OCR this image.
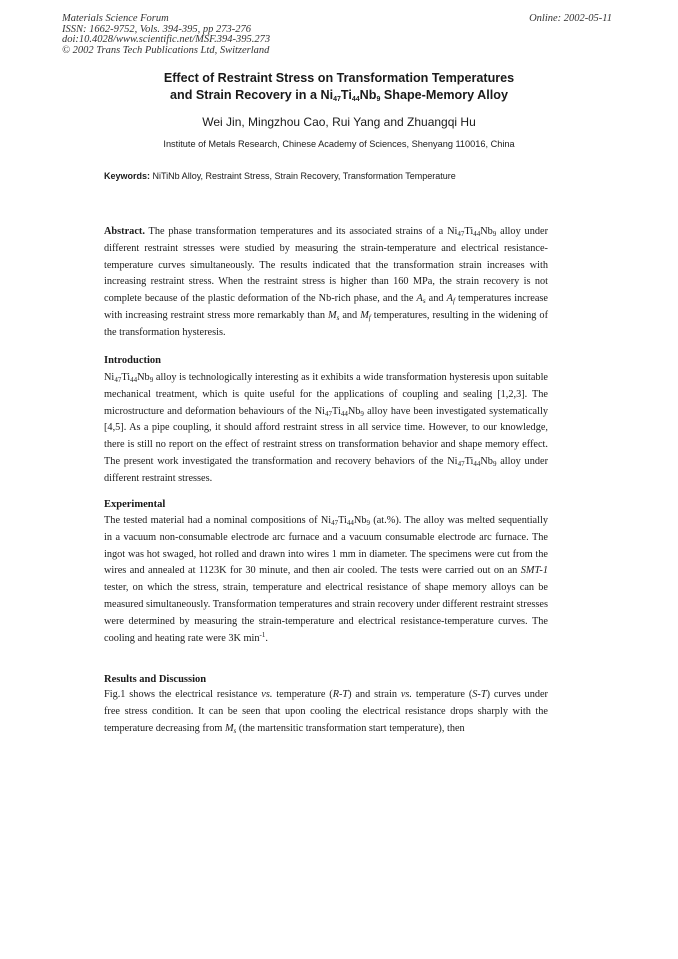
Materials Science Forum
ISSN: 1662-9752, Vols. 394-395, pp 273-276
doi:10.4028/www.scientific.net/MSF.394-395.273
© 2002 Trans Tech Publications Ltd, Switzerland
Online: 2002-05-11
Effect of Restraint Stress on Transformation Temperatures
and Strain Recovery in a $Ni_{47}Ti_{44}Nb_9$ Shape-Memory Alloy
Wei Jin, Mingzhou Cao, Rui Yang and Zhuangqi Hu
Institute of Metals Research, Chinese Academy of Sciences, Shenyang 110016, China
Keywords: NiTiNb Alloy, Restraint Stress, Strain Recovery, Transformation Temperature

Abstract. The phase transformation temperatures and its associated strains of a $Ni_{47}Ti_{44}Nb_9$ alloy under different restraint stresses were studied by measuring the strain-temperature and electrical resistance-temperature curves simultaneously. The results indicated that the transformation strain increases with increasing restraint stress. When the restraint stress is higher than 160 MPa, the strain recovery is not complete because of the plastic deformation of the Nb-rich phase, and the $A_s$ and $A_f$ temperatures increase with increasing restraint stress more remarkably than $M_s$ and $M_f$ temperatures, resulting in the widening of the transformation hysteresis.

Introduction

$Ni_{47}Ti_{44}Nb_9$ alloy is technologically interesting as it exhibits a wide transformation hysteresis upon suitable mechanical treatment, which is quite useful for the applications of coupling and sealing [1,2,3]. The microstructure and deformation behaviours of the $Ni_{47}Ti_{44}Nb_9$ alloy have been investigated systematically [4,5]. As a pipe coupling, it should afford restraint stress in all service time. However, to our knowledge, there is still no report on the effect of restraint stress on transformation behavior and shape memory effect. The present work investigated the transformation and recovery behaviors of the $Ni_{47}Ti_{44}Nb_9$ alloy under different restraint stresses.

Experimental

The tested material had a nominal compositions of $Ni_{47}Ti_{44}Nb_9$ (at.%). The alloy was melted sequentially in a vacuum non-consumable electrode arc furnace and a vacuum consumable electrode arc furnace. The ingot was hot swaged, hot rolled and drawn into wires 1 mm in diameter. The specimens were cut from the wires and annealed at 1123K for 30 minute, and then air cooled. The tests were carried out on an SMT-1 tester, on which the stress, strain, temperature and electrical resistance of shape memory alloys can be measured simultaneously. Transformation temperatures and strain recovery under different restraint stresses were determined by measuring the strain-temperature and electrical resistance-temperature curves. The cooling and heating rate were 3K $\min^{-1}$.

Results and Discussion

Fig.1 shows the electrical resistance vs. temperature (R-T) and strain vs. temperature (S-T) curves under free stress condition. It can be seen that upon cooling the electrical resistance drops sharply with the temperature decreasing from $M_s$ (the martensitic transformation start temperature), then
